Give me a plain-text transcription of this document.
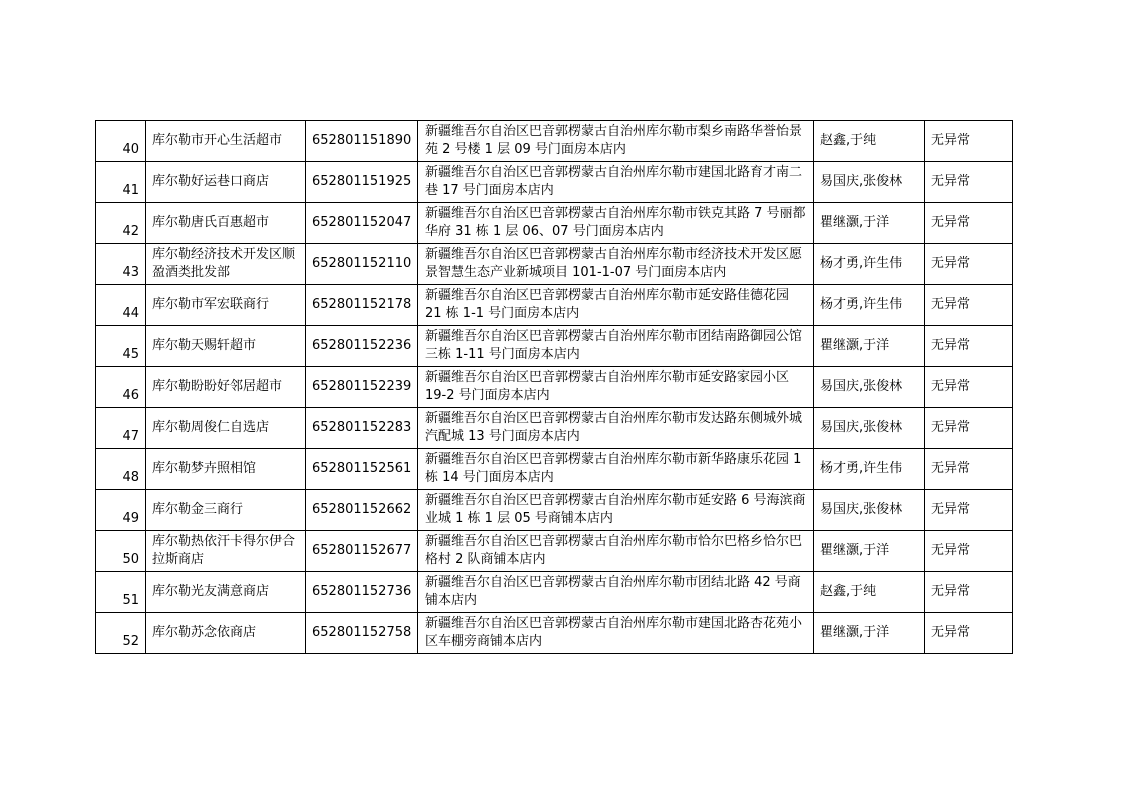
40	库尔勒市开心生活超市	652801151890	新疆维吾尔自治区巴音郭楞蒙古自治州库尔勒市梨乡南路华誉怡景苑 2 号楼 1 层 09 号门面房本店内	赵鑫,于纯	无异常
41	库尔勒好运巷口商店	652801151925	新疆维吾尔自治区巴音郭楞蒙古自治州库尔勒市建国北路育才南二巷 17 号门面房本店内	易国庆,张俊林	无异常
42	库尔勒唐氏百惠超市	652801152047	新疆维吾尔自治区巴音郭楞蒙古自治州库尔勒市铁克其路 7 号丽都华府 31 栋 1 层 06、07 号门面房本店内	瞿继灏,于洋	无异常
43	库尔勒经济技术开发区顺盈酒类批发部	652801152110	新疆维吾尔自治区巴音郭楞蒙古自治州库尔勒市经济技术开发区愿景智慧生态产业新城项目 101-1-07 号门面房本店内	杨才勇,许生伟	无异常
44	库尔勒市军宏联商行	652801152178	新疆维吾尔自治区巴音郭楞蒙古自治州库尔勒市延安路佳德花园 21 栋 1-1 号门面房本店内	杨才勇,许生伟	无异常
45	库尔勒天赐轩超市	652801152236	新疆维吾尔自治区巴音郭楞蒙古自治州库尔勒市团结南路御园公馆三栋 1-11 号门面房本店内	瞿继灏,于洋	无异常
46	库尔勒盼盼好邻居超市	652801152239	新疆维吾尔自治区巴音郭楞蒙古自治州库尔勒市延安路家园小区 19-2 号门面房本店内	易国庆,张俊林	无异常
47	库尔勒周俊仁自选店	652801152283	新疆维吾尔自治区巴音郭楞蒙古自治州库尔勒市发达路东侧城外城汽配城 13 号门面房本店内	易国庆,张俊林	无异常
48	库尔勒梦卉照相馆	652801152561	新疆维吾尔自治区巴音郭楞蒙古自治州库尔勒市新华路康乐花园 1 栋 14 号门面房本店内	杨才勇,许生伟	无异常
49	库尔勒金三商行	652801152662	新疆维吾尔自治区巴音郭楞蒙古自治州库尔勒市延安路 6 号海滨商业城 1 栋 1 层 05 号商铺本店内	易国庆,张俊林	无异常
50	库尔勒热依汗卡得尔伊合拉斯商店	652801152677	新疆维吾尔自治区巴音郭楞蒙古自治州库尔勒市恰尔巴格乡恰尔巴格村 2 队商铺本店内	瞿继灏,于洋	无异常
51	库尔勒光友满意商店	652801152736	新疆维吾尔自治区巴音郭楞蒙古自治州库尔勒市团结北路 42 号商铺本店内	赵鑫,于纯	无异常
52	库尔勒苏念依商店	652801152758	新疆维吾尔自治区巴音郭楞蒙古自治州库尔勒市建国北路杏花苑小区车棚旁商铺本店内	瞿继灏,于洋	无异常
